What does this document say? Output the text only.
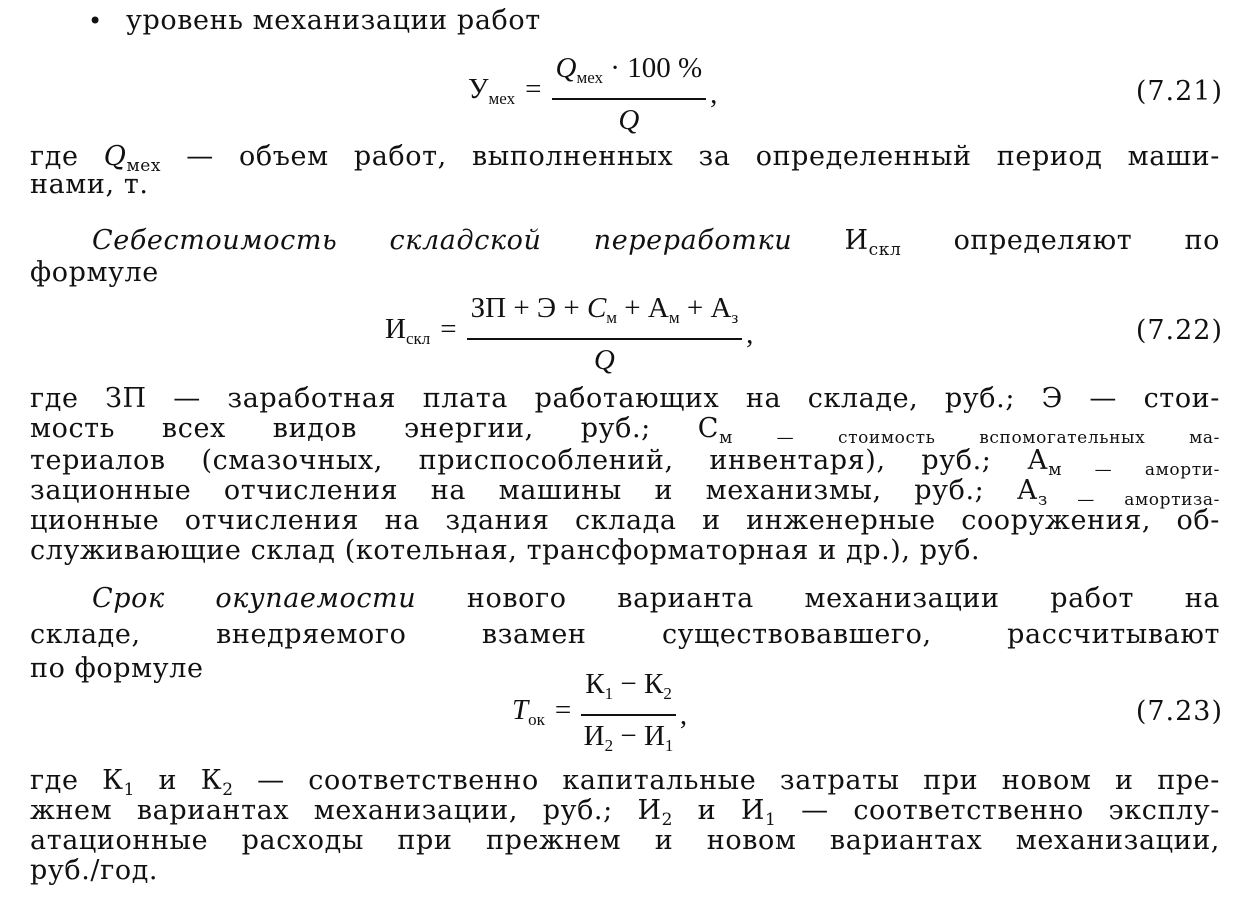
• уровень механизации работ
$У_{мех} = \frac{Q_{мех} \cdot 100 \%}{Q}$ ,	(7.21)
где $Q_{мех}$ — объем работ, выполненных за определенный период маши-
нами, т.
Себестоимость складской переработки $И_{скл}$ определяют по
формуле
$И_{скл} = \frac{ЗП + Э + С_м + А_м + А_з}{Q}$ ,	(7.22)
где ЗП — заработная плата работающих на складе, руб.; Э — стои-
мость всех видов энергии, руб.; $С_{м — стоимость вспомогательных ма-}$
териалов (смазочных, приспособлений, инвентаря), руб.; $А_{м — аморти-}$
зационные отчисления на машины и механизмы, руб.; $А_{з — амортиза-}$
ционные отчисления на здания склада и инженерные сооружения, об-
служивающие склад (котельная, трансформаторная и др.), руб.
Срок окупаемости нового варианта механизации работ на
складе, внедряемого взамен существовавшего, рассчитывают
по формуле
$Т_{ок} = \frac{К_1 - К_2}{И_2 - И_1}$ ,	(7.23)
где $К_1$ и $К_2$ — соответственно капитальные затраты при новом и пре-
жнем вариантах механизации, руб.; $И_2$ и $И_1$ — соответственно эксплу-
атационные расходы при прежнем и новом вариантах механизации,
руб./год.
